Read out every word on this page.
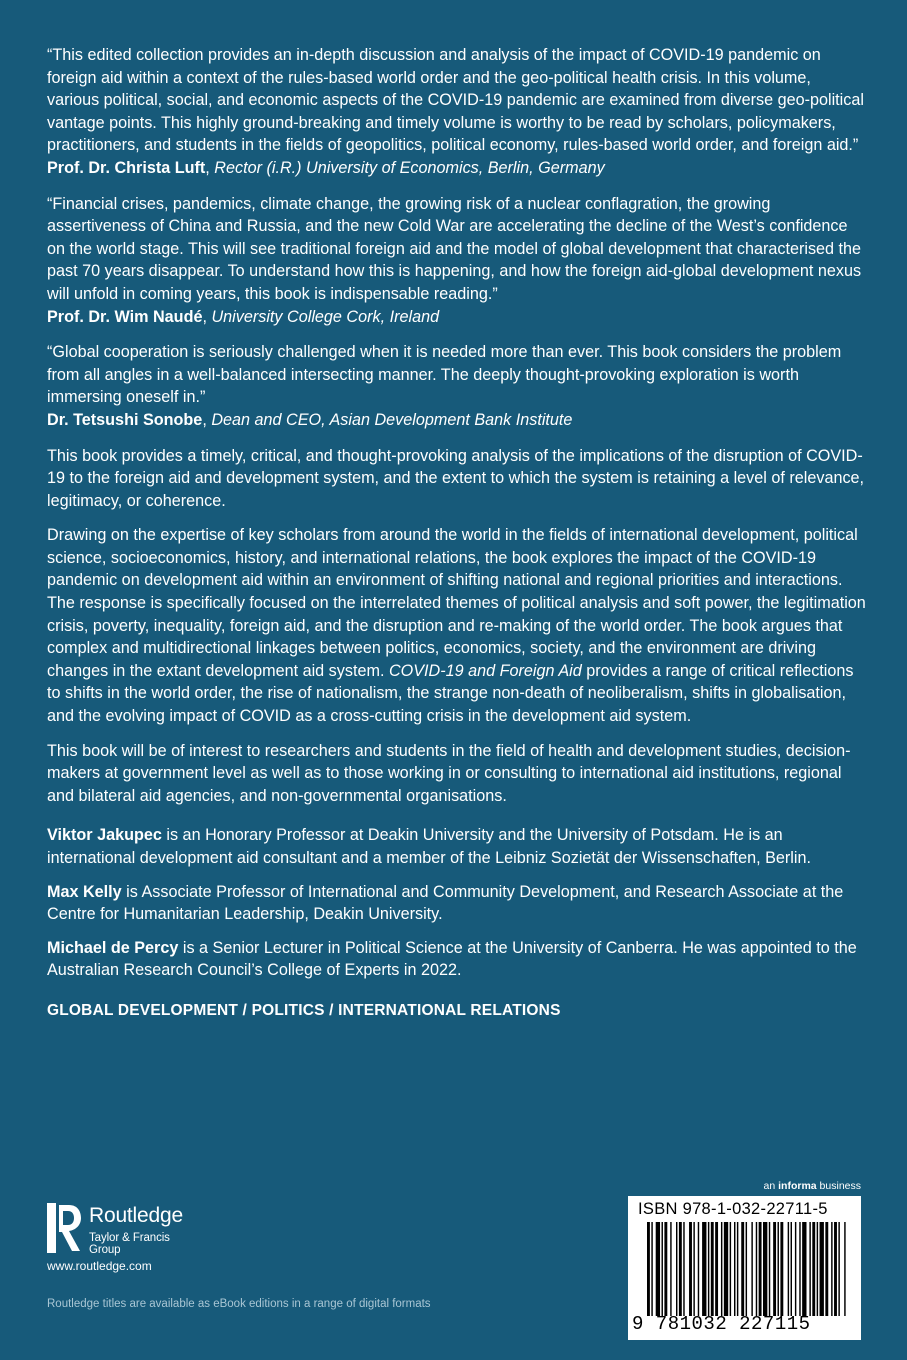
“This edited collection provides an in-depth discussion and analysis of the impact of COVID-19 pandemic on foreign aid within a context of the rules-based world order and the geo-political health crisis. In this volume, various political, social, and economic aspects of the COVID-19 pandemic are examined from diverse geo-political vantage points. This highly ground-breaking and timely volume is worthy to be read by scholars, policymakers, practitioners, and students in the fields of geopolitics, political economy, rules-based world order, and foreign aid.”
Prof. Dr. Christa Luft, Rector (i.R.) University of Economics, Berlin, Germany

“Financial crises, pandemics, climate change, the growing risk of a nuclear conflagration, the growing assertiveness of China and Russia, and the new Cold War are accelerating the decline of the West’s confidence on the world stage. This will see traditional foreign aid and the model of global development that characterised the past 70 years disappear. To understand how this is happening, and how the foreign aid-global development nexus will unfold in coming years, this book is indispensable reading.”
Prof. Dr. Wim Naudé, University College Cork, Ireland

“Global cooperation is seriously challenged when it is needed more than ever. This book considers the problem from all angles in a well-balanced intersecting manner. The deeply thought-provoking exploration is worth immersing oneself in.”
Dr. Tetsushi Sonobe, Dean and CEO, Asian Development Bank Institute

This book provides a timely, critical, and thought-provoking analysis of the implications of the disruption of COVID-19 to the foreign aid and development system, and the extent to which the system is retaining a level of relevance, legitimacy, or coherence.

Drawing on the expertise of key scholars from around the world in the fields of international development, political science, socioeconomics, history, and international relations, the book explores the impact of the COVID-19 pandemic on development aid within an environment of shifting national and regional priorities and interactions. The response is specifically focused on the interrelated themes of political analysis and soft power, the legitimation crisis, poverty, inequality, foreign aid, and the disruption and re-making of the world order. The book argues that complex and multidirectional linkages between politics, economics, society, and the environment are driving changes in the extant development aid system. COVID-19 and Foreign Aid provides a range of critical reflections to shifts in the world order, the rise of nationalism, the strange non-death of neoliberalism, shifts in globalisation, and the evolving impact of COVID as a cross-cutting crisis in the development aid system.

This book will be of interest to researchers and students in the field of health and development studies, decision-makers at government level as well as to those working in or consulting to international aid institutions, regional and bilateral aid agencies, and non-governmental organisations.

Viktor Jakupec is an Honorary Professor at Deakin University and the University of Potsdam. He is an international development aid consultant and a member of the Leibniz Sozietät der Wissenschaften, Berlin.

Max Kelly is Associate Professor of International and Community Development, and Research Associate at the Centre for Humanitarian Leadership, Deakin University.

Michael de Percy is a Senior Lecturer in Political Science at the University of Canberra. He was appointed to the Australian Research Council’s College of Experts in 2022.

GLOBAL DEVELOPMENT / POLITICS / INTERNATIONAL RELATIONS

an informa business
ISBN 978-1-032-22711-5
9 781032 227115
Routledge
Taylor & Francis Group
www.routledge.com
Routledge titles are available as eBook editions in a range of digital formats
